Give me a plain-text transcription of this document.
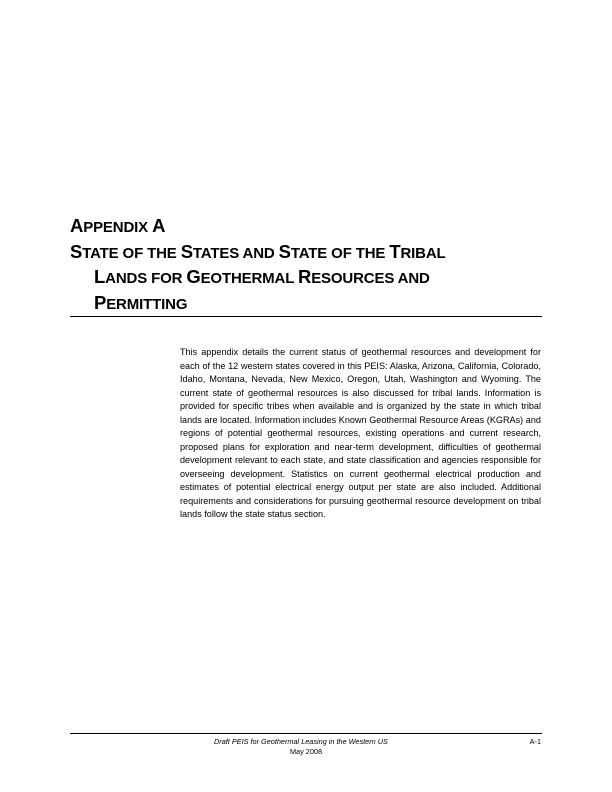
APPENDIX A
STATE OF THE STATES AND STATE OF THE TRIBAL
LANDS FOR GEOTHERMAL RESOURCES AND
PERMITTING

This appendix details the current status of geothermal resources and development for each of the 12 western states covered in this PEIS: Alaska, Arizona, California, Colorado, Idaho, Montana, Nevada, New Mexico, Oregon, Utah, Washington and Wyoming. The current state of geothermal resources is also discussed for tribal lands. Information is provided for specific tribes when available and is organized by the state in which tribal lands are located. Information includes Known Geothermal Resource Areas (KGRAs) and regions of potential geothermal resources, existing operations and current research, proposed plans for exploration and near-term development, difficulties of geothermal development relevant to each state, and state classification and agencies responsible for overseeing development. Statistics on current geothermal electrical production and estimates of potential electrical energy output per state are also included. Additional requirements and considerations for pursuing geothermal resource development on tribal lands follow the state status section.

Draft PEIS for Geothermal Leasing in the Western US	A-1
May 2008
